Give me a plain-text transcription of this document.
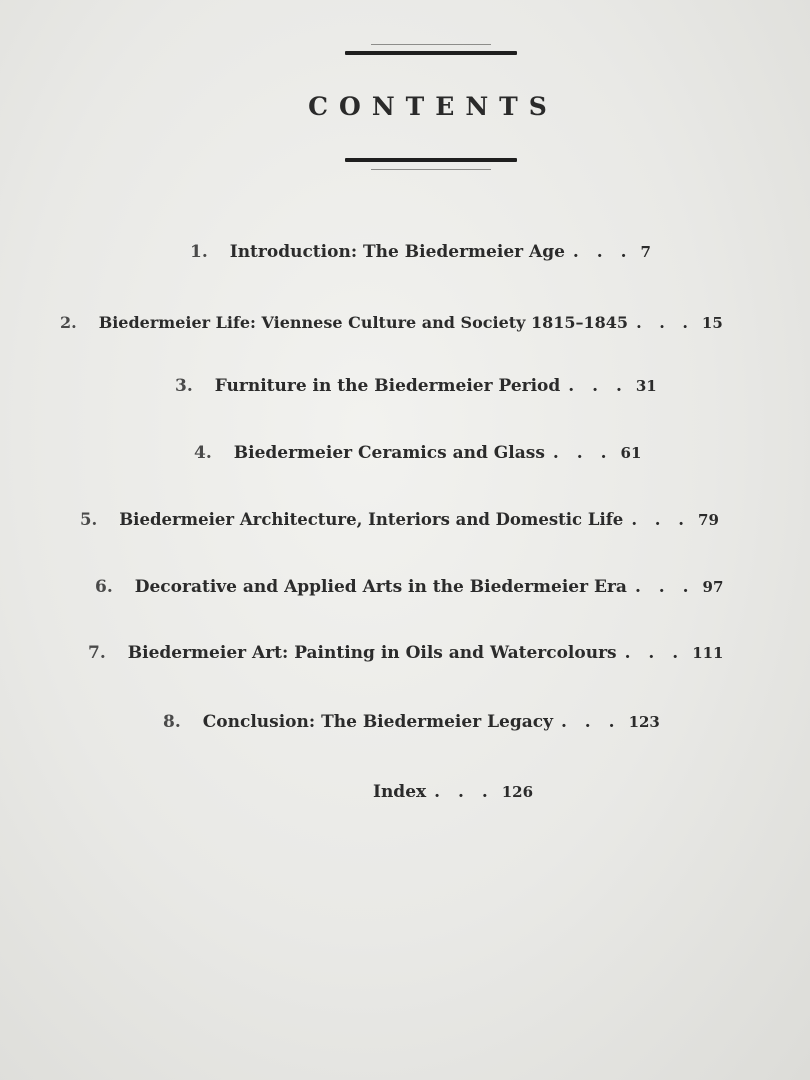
CONTENTS
1. Introduction: The Biedermeier Age . . . 7
2. Biedermeier Life: Viennese Culture and Society 1815–1845 . . . 15
3. Furniture in the Biedermeier Period . . . 31
4. Biedermeier Ceramics and Glass . . . 61
5. Biedermeier Architecture, Interiors and Domestic Life . . . 79
6. Decorative and Applied Arts in the Biedermeier Era . . . 97
7. Biedermeier Art: Painting in Oils and Watercolours . . . 111
8. Conclusion: The Biedermeier Legacy . . . 123
Index . . . 126
